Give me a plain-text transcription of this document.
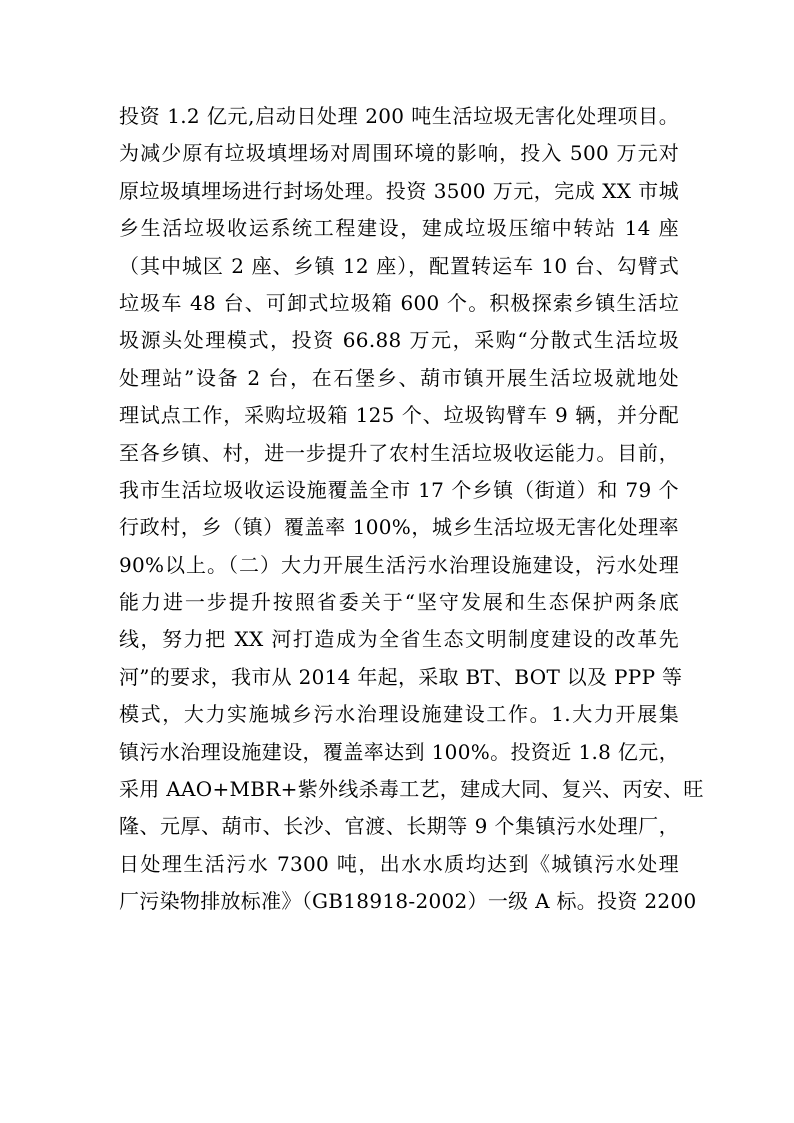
投资 1.2 亿元,启动日处理 200 吨生活垃圾无害化处理项目。
为减少原有垃圾填埋场对周围环境的影响，投入 500 万元对
原垃圾填埋场进行封场处理。投资 3500 万元，完成 XX 市城
乡生活垃圾收运系统工程建设，建成垃圾压缩中转站 14 座
（其中城区 2 座、乡镇 12 座），配置转运车 10 台、勾臂式
垃圾车 48 台、可卸式垃圾箱 600 个。积极探索乡镇生活垃
圾源头处理模式，投资 66.88 万元，采购“分散式生活垃圾
处理站”设备 2 台，在石堡乡、葫市镇开展生活垃圾就地处
理试点工作，采购垃圾箱 125 个、垃圾钩臂车 9 辆，并分配
至各乡镇、村，进一步提升了农村生活垃圾收运能力。目前，
我市生活垃圾收运设施覆盖全市 17 个乡镇（街道）和 79 个
行政村，乡（镇）覆盖率 100%，城乡生活垃圾无害化处理率
90%以上。（二）大力开展生活污水治理设施建设，污水处理
能力进一步提升按照省委关于“坚守发展和生态保护两条底
线，努力把 XX 河打造成为全省生态文明制度建设的改革先
河”的要求，我市从 2014 年起，采取 BT、BOT 以及 PPP 等
模式，大力实施城乡污水治理设施建设工作。1.大力开展集
镇污水治理设施建设，覆盖率达到 100%。投资近 1.8 亿元，
采用 AAO+MBR+紫外线杀毒工艺，建成大同、复兴、丙安、旺
隆、元厚、葫市、长沙、官渡、长期等 9 个集镇污水处理厂，
日处理生活污水 7300 吨，出水水质均达到《城镇污水处理
厂污染物排放标准》（GB18918-2002）一级 A 标。投资 2200
